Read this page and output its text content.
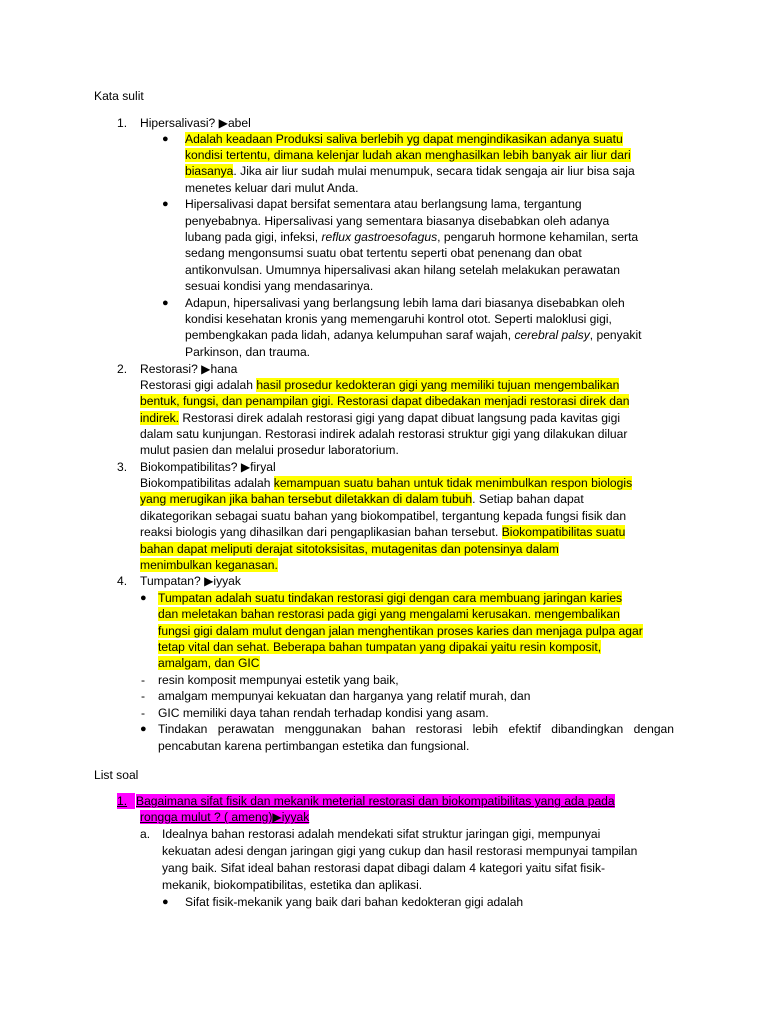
Kata sulit
1. Hipersalivasi? ▶abel
● Adalah keadaan Produksi saliva berlebih yg dapat mengindikasikan adanya suatu
kondisi tertentu, dimana kelenjar ludah akan menghasilkan lebih banyak air liur dari
biasanya. Jika air liur sudah mulai menumpuk, secara tidak sengaja air liur bisa saja
menetes keluar dari mulut Anda.
● Hipersalivasi dapat bersifat sementara atau berlangsung lama, tergantung
penyebabnya. Hipersalivasi yang sementara biasanya disebabkan oleh adanya
lubang pada gigi, infeksi, reflux gastroesofagus, pengaruh hormone kehamilan, serta
sedang mengonsumsi suatu obat tertentu seperti obat penenang dan obat
antikonvulsan. Umumnya hipersalivasi akan hilang setelah melakukan perawatan
sesuai kondisi yang mendasarinya.
● Adapun, hipersalivasi yang berlangsung lebih lama dari biasanya disebabkan oleh
kondisi kesehatan kronis yang memengaruhi kontrol otot. Seperti maloklusi gigi,
pembengkakan pada lidah, adanya kelumpuhan saraf wajah, cerebral palsy, penyakit
Parkinson, dan trauma.
2. Restorasi? ▶hana
Restorasi gigi adalah hasil prosedur kedokteran gigi yang memiliki tujuan mengembalikan
bentuk, fungsi, dan penampilan gigi. Restorasi dapat dibedakan menjadi restorasi direk dan
indirek. Restorasi direk adalah restorasi gigi yang dapat dibuat langsung pada kavitas gigi
dalam satu kunjungan. Restorasi indirek adalah restorasi struktur gigi yang dilakukan diluar
mulut pasien dan melalui prosedur laboratorium.
3. Biokompatibilitas? ▶firyal
Biokompatibilitas adalah kemampuan suatu bahan untuk tidak menimbulkan respon biologis
yang merugikan jika bahan tersebut diletakkan di dalam tubuh. Setiap bahan dapat
dikategorikan sebagai suatu bahan yang biokompatibel, tergantung kepada fungsi fisik dan
reaksi biologis yang dihasilkan dari pengaplikasian bahan tersebut. Biokompatibilitas suatu
bahan dapat meliputi derajat sitotoksisitas, mutagenitas dan potensinya dalam
menimbulkan keganasan.
4. Tumpatan? ▶iyyak
● Tumpatan adalah suatu tindakan restorasi gigi dengan cara membuang jaringan karies
dan meletakan bahan restorasi pada gigi yang mengalami kerusakan. mengembalikan
fungsi gigi dalam mulut dengan jalan menghentikan proses karies dan menjaga pulpa agar
tetap vital dan sehat. Beberapa bahan tumpatan yang dipakai yaitu resin komposit,
amalgam, dan GIC
- resin komposit mempunyai estetik yang baik,
- amalgam mempunyai kekuatan dan harganya yang relatif murah, dan
- GIC memiliki daya tahan rendah terhadap kondisi yang asam.
● Tindakan perawatan menggunakan bahan restorasi lebih efektif dibandingkan dengan
pencabutan karena pertimbangan estetika dan fungsional.
List soal
1. Bagaimana sifat fisik dan mekanik meterial restorasi dan biokompatibilitas yang ada pada
rongga mulut ? ( ameng)▶iyyak
a. Idealnya bahan restorasi adalah mendekati sifat struktur jaringan gigi, mempunyai
kekuatan adesi dengan jaringan gigi yang cukup dan hasil restorasi mempunyai tampilan
yang baik. Sifat ideal bahan restorasi dapat dibagi dalam 4 kategori yaitu sifat fisik-
mekanik, biokompatibilitas, estetika dan aplikasi.
● Sifat fisik-mekanik yang baik dari bahan kedokteran gigi adalah
